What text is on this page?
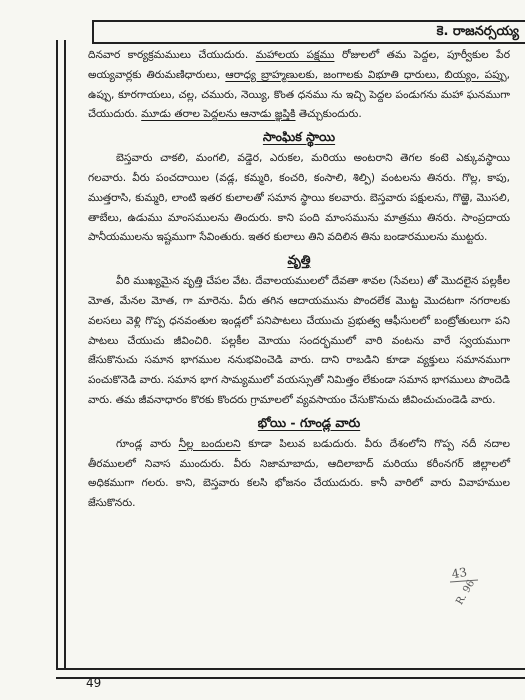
కె. రాజనర్సయ్య
49

దినవార కార్యక్రమములు చేయుదురు. మహాలయ పక్షము రోజులలో తమ పెద్దల, పూర్వీకుల పేర అయ్యవార్లకు తిరుమణిధారులు, ఆరాధ్య బ్రాహ్మణులకు, జంగాలకు విభూతి ధారులు, బియ్యం, పప్పు, ఉప్పు, కూరగాయలు, చల్ల, చమురు, నెయ్యి, కొంత ధనము ను ఇచ్చి పెద్దల పండుగను మహా ఘనముగా చేయుదురు. మూడు తరాల పెద్దలను ఆనాడు జ్ఞప్తికి తెచ్చుకుందురు.

సాంఘిక స్థాయి

బెస్తవారు చాకలి, మంగలి, వడ్డెర, ఎరుకల, మరియు అంటరాని తెగల కంటె ఎక్కువస్థాయి గలవారు. వీరు పంచదాయిల (వడ్ల, కమ్మరి, కంచరి, కంసాలి, శిల్పి) వంటలను తినరు. గొల్ల, కాపు, ముత్తరాసి, కుమ్మరి, లాంటి ఇతర కులాలతో సమాన స్థాయి కలవారు. బెస్తవారు పక్షులను, గొఱ్ఱె, మొసలి, తాబేలు, ఉడుము మాంసములను తిందురు. కాని పంది మాంసమును మాత్రము తినరు. సాంప్రదాయ పానీయములను ఇష్టముగా సేవింతురు. ఇతర కులాలు తిని వదిలిన తిను బండారములను ముట్టరు.

వృత్తి

వీరి ముఖ్యమైన వృత్తి చేపల వేట. దేవాలయములలో దేవతా శావల (సేవలు) తో మొదలైన పల్లకీల మోత, మేనల మోత, గా మారెను. వీరు తగిన ఆదాయమును పొందలేక మొట్ట మొదటగా నగరాలకు వలసలు వెళ్లి గొప్ప ధనవంతుల ఇండ్లలో పనిపాటలు చేయుచు ప్రభుత్వ ఆఫీసులలో బంట్రోతులుగా పని పాటలు చేయుచు జీవించిరి. పల్లకీల మోయు సందర్భములో వారి వంటను వారే స్వయముగా జేసుకొనుచు సమాన భాగముల ననుభవించెడి వారు. దాని రాబడిని కూడా వ్యక్తులు సమానముగా పంచుకొనెడి వారు. సమాన భాగ సామ్యములో వయస్సుతో నిమిత్తం లేకుండా సమాన భాగములు పొందెడి వారు. తమ జీవనాధారం కొరకు కొందరు గ్రామాలలో వ్యవసాయం చేసుకొనుచు జీవించుచుండెడి వారు.

భోయి - గూండ్ల వారు

గూండ్ల వారు నీల్ల బందులని కూడా పిలువ బడుదురు. వీరు దేశంలోని గొప్ప నదీ నదాల తీరములలో నివాస ముందురు. వీరు నిజామాబాదు, ఆదిలాబాద్ మరియు కరీంనగర్ జిల్లాలలో అధికముగా గలరు. కాని, బెస్తవారు కలసి భోజనం చేయుదురు. కానీ వారిలో వారు వివాహముల జేసుకొనరు.

43
R. 96
